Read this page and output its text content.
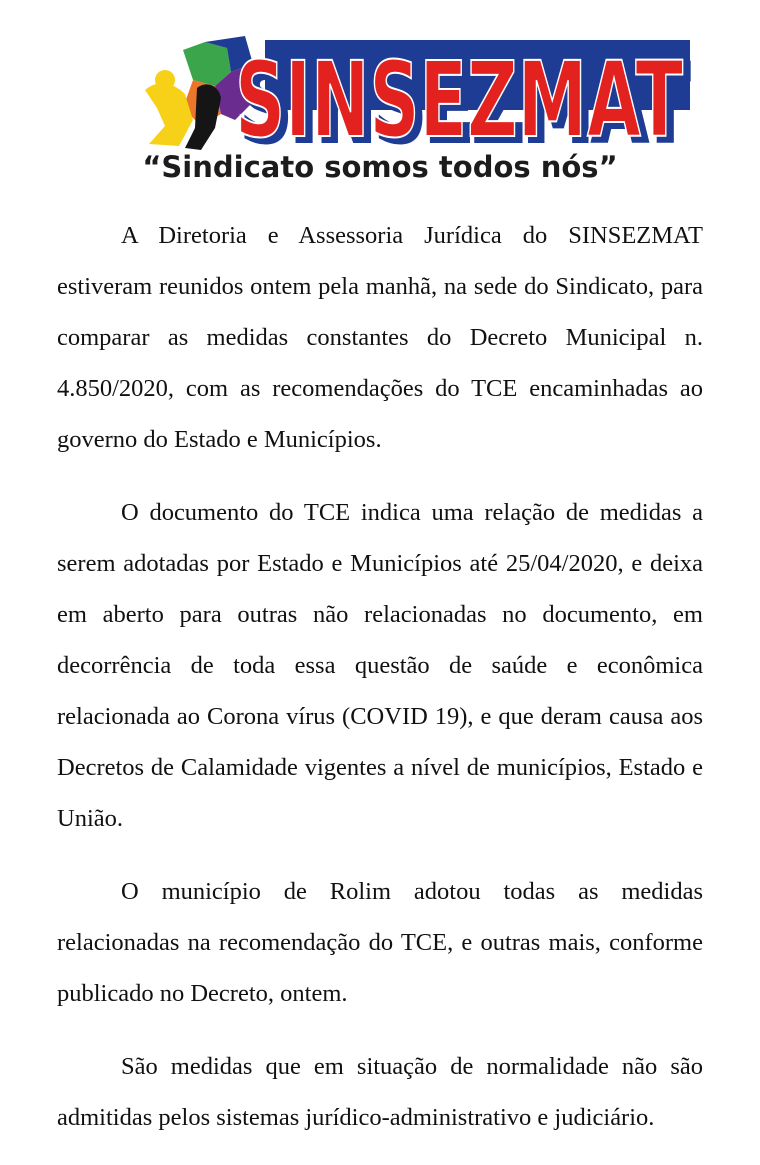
SINSEZMAT
SINSEZMAT
“Sindicato somos todos nós”

A Diretoria e Assessoria Jurídica do SINSEZMAT estiveram reunidos ontem pela manhã, na sede do Sindicato, para comparar as medidas constantes do Decreto Municipal n. 4.850/2020, com as recomendações do TCE encaminhadas ao governo do Estado e Municípios.

O documento do TCE indica uma relação de medidas a serem adotadas por Estado e Municípios até 25/04/2020, e deixa em aberto para outras não relacionadas no documento, em decorrência de toda essa questão de saúde e econômica relacionada ao Corona vírus (COVID 19), e que deram causa aos Decretos de Calamidade vigentes a nível de municípios, Estado e União.

O município de Rolim adotou todas as medidas relacionadas na recomendação do TCE, e outras mais, conforme publicado no Decreto, ontem.

São medidas que em situação de normalidade não são admitidas pelos sistemas jurídico-administrativo e judiciário.
